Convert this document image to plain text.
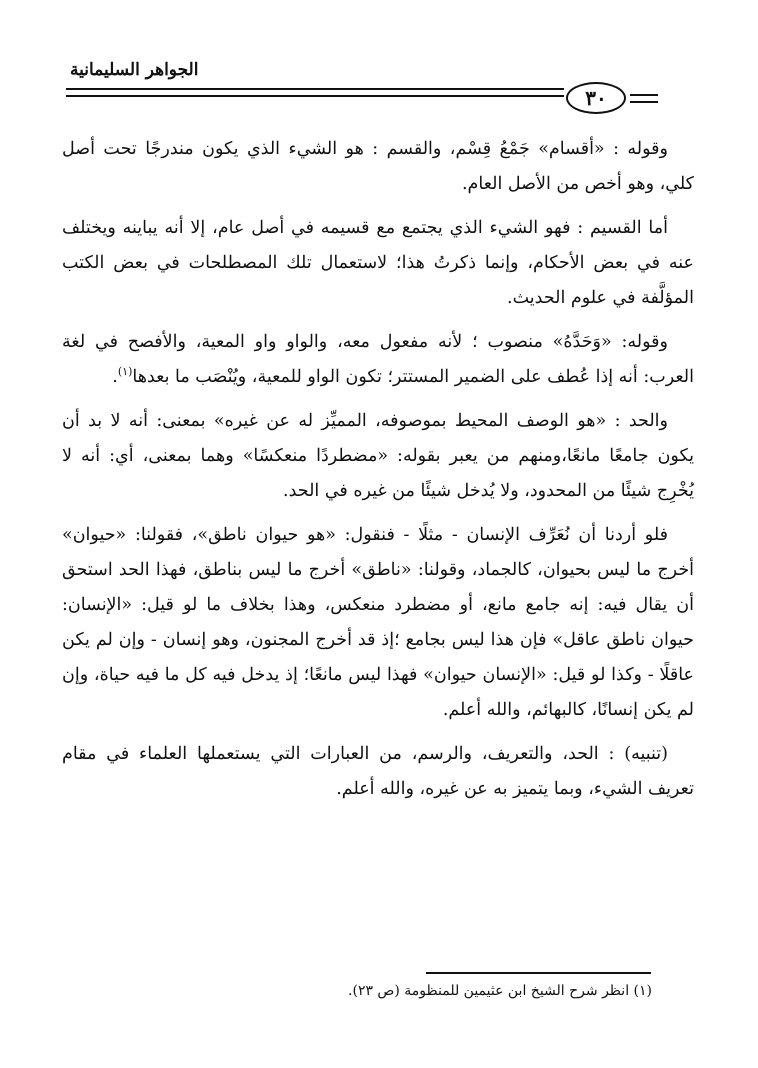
الجواهر السليمانية
٣٠

وقوله : «أقسام» جَمْعُ قِسْم، والقسم : هو الشيء الذي يكون مندرجًا تحت أصل كلي، وهو أخص من الأصل العام.

أما القسيم : فهو الشيء الذي يجتمع مع قسيمه في أصل عام، إلا أنه يباينه ويختلف عنه في بعض الأحكام، وإنما ذكرتُ هذا؛ لاستعمال تلك المصطلحات في بعض الكتب المؤلَّفة في علوم الحديث.

وقوله: «وَحَدَّهُ» منصوب ؛ لأنه مفعول معه، والواو واو المعية، والأفصح في لغة العرب: أنه إذا عُطف على الضمير المستتر؛ تكون الواو للمعية، ويُنْصَب ما بعدها$^{(١)}$.

والحد : «هو الوصف المحيط بموصوفه، المميِّز له عن غيره» بمعنى: أنه لا بد أن يكون جامعًا مانعًا،ومنهم من يعبر بقوله: «مضطردًا منعكسًا» وهما بمعنى، أي: أنه لا يُخْرِج شيئًا من المحدود، ولا يُدخل شيئًا من غيره في الحد.

فلو أردنا أن نُعَرِّف الإنسان - مثلًا - فنقول: «هو حيوان ناطق»، فقولنا: «حيوان» أخرج ما ليس بحيوان، كالجماد، وقولنا: «ناطق» أخرج ما ليس بناطق، فهذا الحد استحق أن يقال فيه: إنه جامع مانع، أو مضطرد منعكس، وهذا بخلاف ما لو قيل: «الإنسان: حيوان ناطق عاقل» فإن هذا ليس بجامع ؛إذ قد أخرج المجنون، وهو إنسان - وإن لم يكن عاقلًا - وكذا لو قيل: «الإنسان حيوان» فهذا ليس مانعًا؛ إذ يدخل فيه كل ما فيه حياة، وإن لم يكن إنسانًا، كالبهائم، والله أعلم.

(تنبيه) : الحد، والتعريف، والرسم، من العبارات التي يستعملها العلماء في مقام تعريف الشيء، وبما يتميز به عن غيره، والله أعلم.

(١) انظر شرح الشيخ ابن عثيمين للمنظومة (ص ٢٣).
